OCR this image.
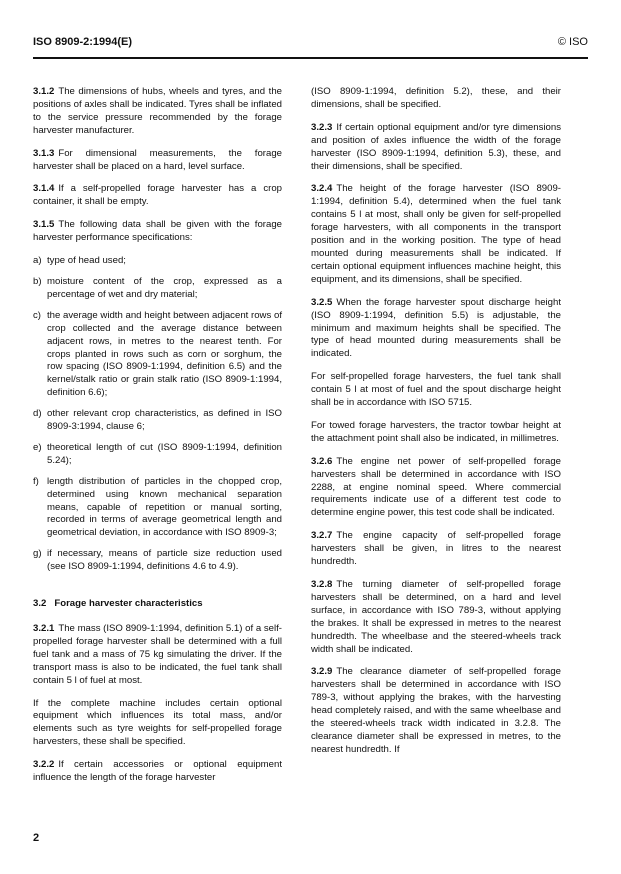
ISO 8909-2:1994(E)	© ISO

3.1.2 The dimensions of hubs, wheels and tyres, and the positions of axles shall be indicated. Tyres shall be inflated to the service pressure recommended by the forage harvester manufacturer.

3.1.3 For dimensional measurements, the forage harvester shall be placed on a hard, level surface.

3.1.4 If a self-propelled forage harvester has a crop container, it shall be empty.

3.1.5 The following data shall be given with the forage harvester performance specifications:

a) type of head used;
b) moisture content of the crop, expressed as a percentage of wet and dry material;
c) the average width and height between adjacent rows of crop collected and the average distance between adjacent rows, in metres to the nearest tenth. For crops planted in rows such as corn or sorghum, the row spacing (ISO 8909-1:1994, definition 6.5) and the kernel/stalk ratio or grain stalk ratio (ISO 8909-1:1994, definition 6.6);
d) other relevant crop characteristics, as defined in ISO 8909-3:1994, clause 6;
e) theoretical length of cut (ISO 8909-1:1994, definition 5.24);
f) length distribution of particles in the chopped crop, determined using known mechanical separation means, capable of repetition or manual sorting, recorded in terms of average geometrical length and geometrical deviation, in accordance with ISO 8909-3;
g) if necessary, means of particle size reduction used (see ISO 8909-1:1994, definitions 4.6 to 4.9).
3.2 Forage harvester characteristics

3.2.1 The mass (ISO 8909-1:1994, definition 5.1) of a self-propelled forage harvester shall be determined with a full fuel tank and a mass of 75 kg simulating the driver. If the transport mass is also to be indicated, the fuel tank shall contain 5 l of fuel at most.

If the complete machine includes certain optional equipment which influences its total mass, and/or elements such as tyre weights for self-propelled forage harvesters, these shall be specified.

3.2.2 If certain accessories or optional equipment influence the length of the forage harvester

(ISO 8909-1:1994, definition 5.2), these, and their dimensions, shall be specified.

3.2.3 If certain optional equipment and/or tyre dimensions and position of axles influence the width of the forage harvester (ISO 8909-1:1994, definition 5.3), these, and their dimensions, shall be specified.

3.2.4 The height of the forage harvester (ISO 8909-1:1994, definition 5.4), determined when the fuel tank contains 5 l at most, shall only be given for self-propelled forage harvesters, with all components in the transport position and in the working position. The type of head mounted during measurements shall be indicated. If certain optional equipment influences machine height, this equipment, and its dimensions, shall be specified.

3.2.5 When the forage harvester spout discharge height (ISO 8909-1:1994, definition 5.5) is adjustable, the minimum and maximum heights shall be specified. The type of head mounted during measurements shall be indicated.

For self-propelled forage harvesters, the fuel tank shall contain 5 l at most of fuel and the spout discharge height shall be in accordance with ISO 5715.

For towed forage harvesters, the tractor towbar height at the attachment point shall also be indicated, in millimetres.

3.2.6 The engine net power of self-propelled forage harvesters shall be determined in accordance with ISO 2288, at engine nominal speed. Where commercial requirements indicate use of a different test code to determine engine power, this test code shall be indicated.

3.2.7 The engine capacity of self-propelled forage harvesters shall be given, in litres to the nearest hundredth.

3.2.8 The turning diameter of self-propelled forage harvesters shall be determined, on a hard and level surface, in accordance with ISO 789-3, without applying the brakes. It shall be expressed in metres to the nearest hundredth. The wheelbase and the steered-wheels track width shall be indicated.

3.2.9 The clearance diameter of self-propelled forage harvesters shall be determined in accordance with ISO 789-3, without applying the brakes, with the harvesting head completely raised, and with the same wheelbase and the steered-wheels track width indicated in 3.2.8. The clearance diameter shall be expressed in metres, to the nearest hundredth. If

2
